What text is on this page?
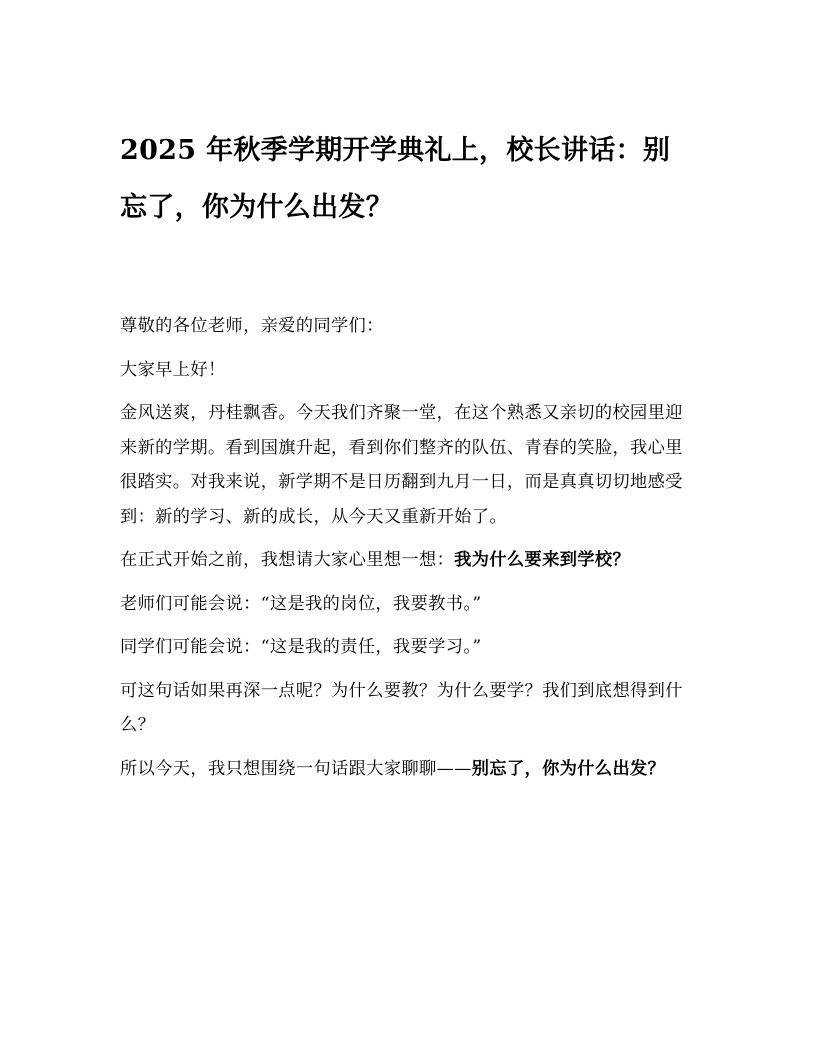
2025 年秋季学期开学典礼上，校长讲话：别忘了，你为什么出发？

尊敬的各位老师，亲爱的同学们：

大家早上好！

金风送爽，丹桂飘香。今天我们齐聚一堂，在这个熟悉又亲切的校园里迎来新的学期。看到国旗升起，看到你们整齐的队伍、青春的笑脸，我心里很踏实。对我来说，新学期不是日历翻到九月一日，而是真真切切地感受到：新的学习、新的成长，从今天又重新开始了。

在正式开始之前，我想请大家心里想一想：我为什么要来到学校？

老师们可能会说：“这是我的岗位，我要教书。”

同学们可能会说：“这是我的责任，我要学习。”

可这句话如果再深一点呢？为什么要教？为什么要学？我们到底想得到什么？

所以今天，我只想围绕一句话跟大家聊聊——别忘了，你为什么出发？
